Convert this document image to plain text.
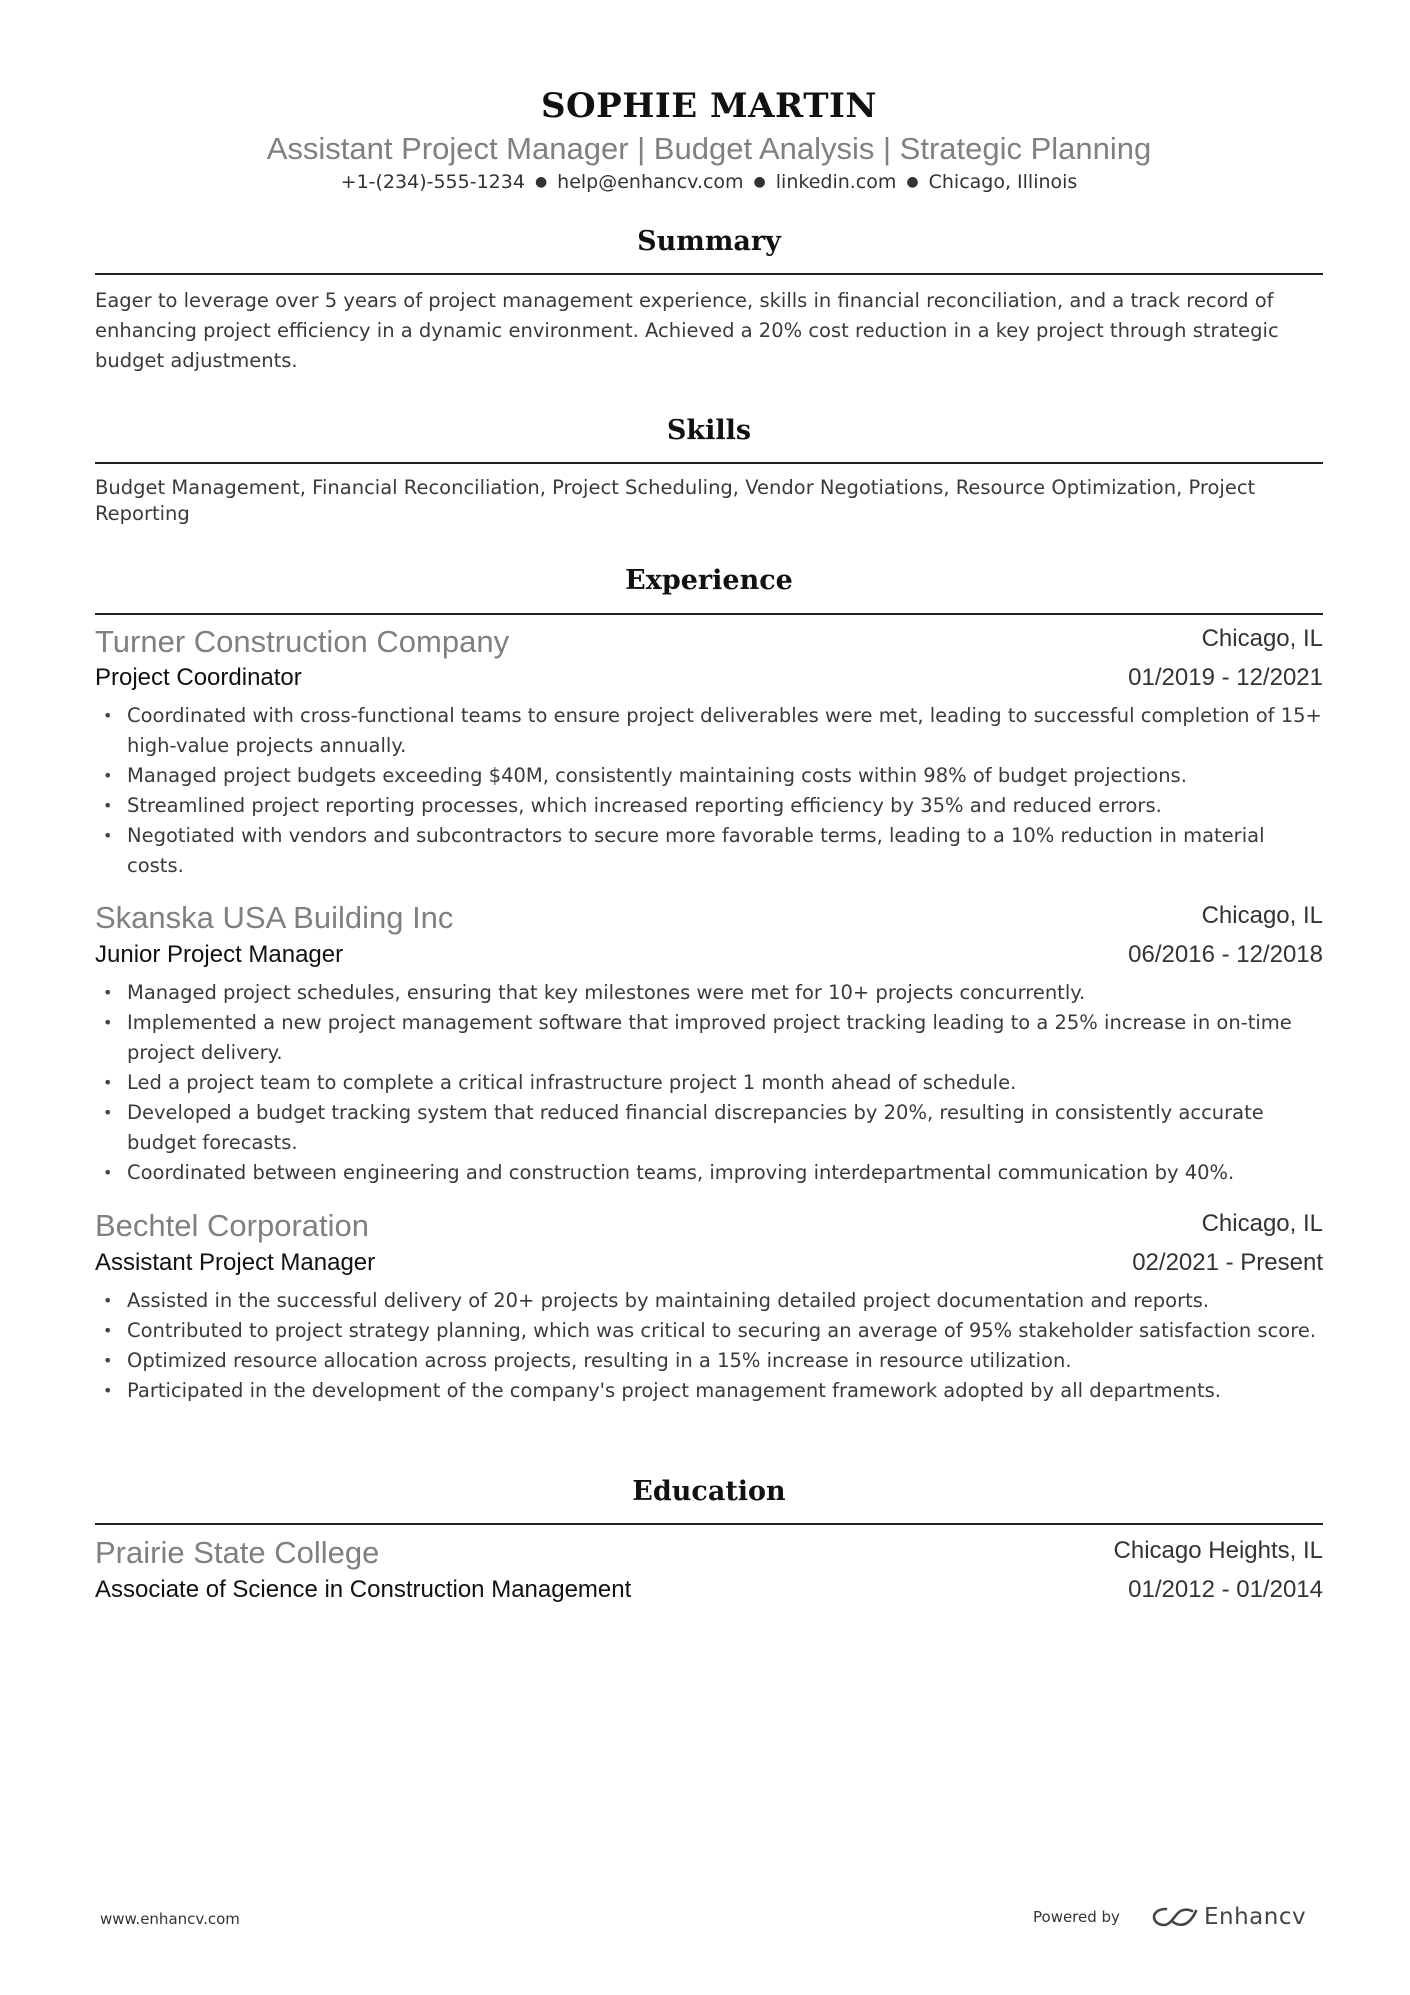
SOPHIE MARTIN
Assistant Project Manager | Budget Analysis | Strategic Planning
+1-(234)-555-1234 ● help@enhancv.com ● linkedin.com ● Chicago, Illinois
Summary
Eager to leverage over 5 years of project management experience, skills in financial reconciliation, and a track record of enhancing project efficiency in a dynamic environment. Achieved a 20% cost reduction in a key project through strategic budget adjustments.
Skills
Budget Management, Financial Reconciliation, Project Scheduling, Vendor Negotiations, Resource Optimization, Project Reporting
Experience
Turner Construction Company	Chicago, IL
Project Coordinator	01/2019 - 12/2021
• Coordinated with cross-functional teams to ensure project deliverables were met, leading to successful completion of 15+ high-value projects annually.
• Managed project budgets exceeding $40M, consistently maintaining costs within 98% of budget projections.
• Streamlined project reporting processes, which increased reporting efficiency by 35% and reduced errors.
• Negotiated with vendors and subcontractors to secure more favorable terms, leading to a 10% reduction in material costs.
Skanska USA Building Inc	Chicago, IL
Junior Project Manager	06/2016 - 12/2018
• Managed project schedules, ensuring that key milestones were met for 10+ projects concurrently.
• Implemented a new project management software that improved project tracking leading to a 25% increase in on-time project delivery.
• Led a project team to complete a critical infrastructure project 1 month ahead of schedule.
• Developed a budget tracking system that reduced financial discrepancies by 20%, resulting in consistently accurate budget forecasts.
• Coordinated between engineering and construction teams, improving interdepartmental communication by 40%.
Bechtel Corporation	Chicago, IL
Assistant Project Manager	02/2021 - Present
• Assisted in the successful delivery of 20+ projects by maintaining detailed project documentation and reports.
• Contributed to project strategy planning, which was critical to securing an average of 95% stakeholder satisfaction score.
• Optimized resource allocation across projects, resulting in a 15% increase in resource utilization.
• Participated in the development of the company's project management framework adopted by all departments.
Education
Prairie State College	Chicago Heights, IL
Associate of Science in Construction Management	01/2012 - 01/2014
www.enhancv.com	Powered by	Enhancv
